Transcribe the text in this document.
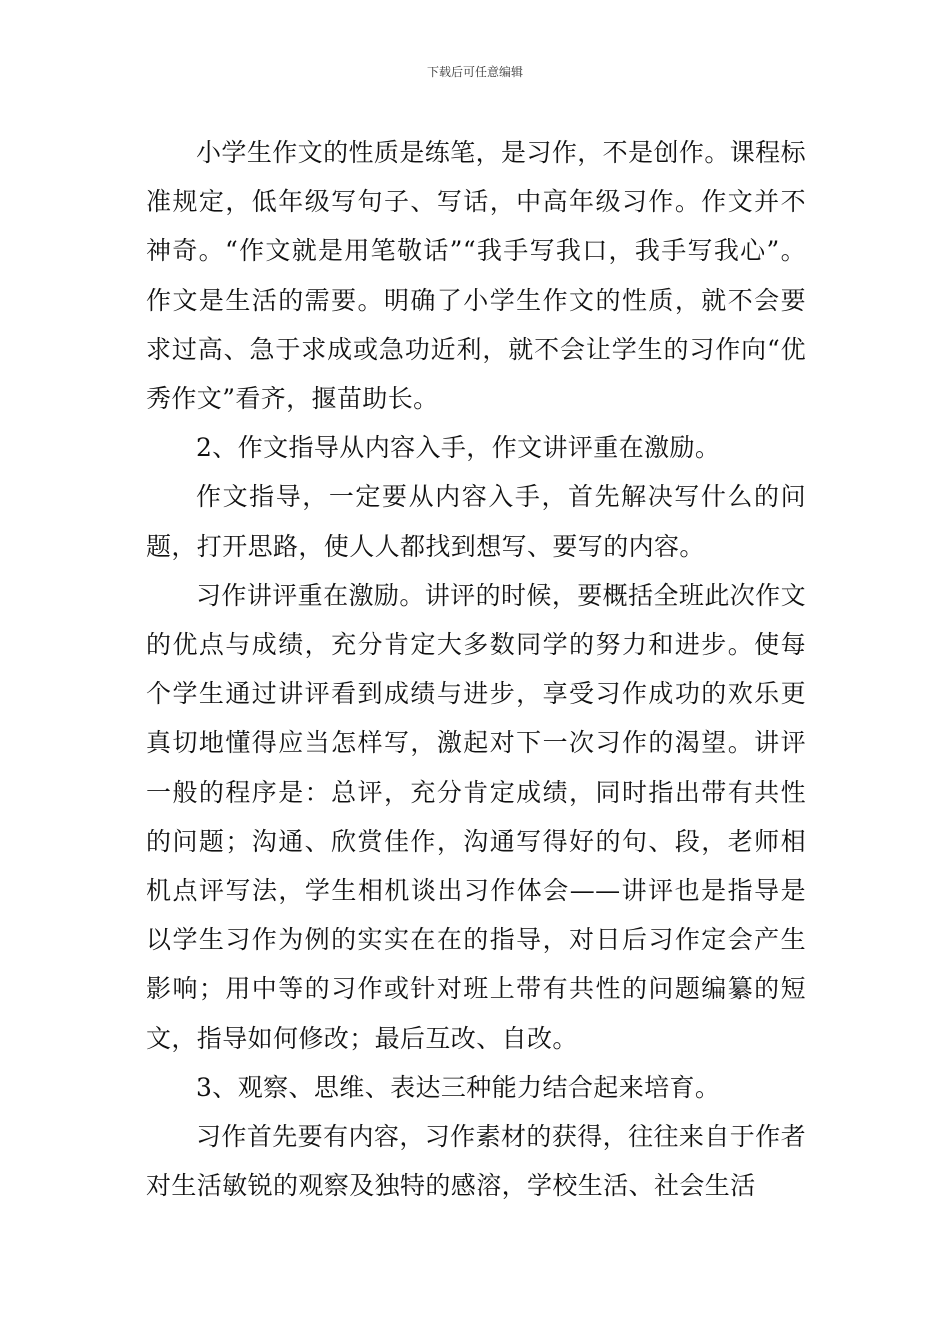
下载后可任意编辑

小学生作文的性质是练笔，是习作，不是创作。课程标准规定，低年级写句子、写话，中高年级习作。作文并不神奇。“作文就是用笔敬话”“我手写我口，我手写我心”。作文是生活的需要。明确了小学生作文的性质，就不会要求过高、急于求成或急功近利，就不会让学生的习作向“优秀作文”看齐，揠苗助长。

2、作文指导从内容入手，作文讲评重在激励。

作文指导，一定要从内容入手，首先解决写什么的问题，打开思路，使人人都找到想写、要写的内容。

习作讲评重在激励。讲评的时候，要概括全班此次作文的优点与成绩，充分肯定大多数同学的努力和进步。使每个学生通过讲评看到成绩与进步，享受习作成功的欢乐更真切地懂得应当怎样写，激起对下一次习作的渴望。讲评一般的程序是：总评，充分肯定成绩，同时指出带有共性的问题；沟通、欣赏佳作，沟通写得好的句、段，老师相机点评写法，学生相机谈出习作体会——讲评也是指导是以学生习作为例的实实在在的指导，对日后习作定会产生影响；用中等的习作或针对班上带有共性的问题编纂的短文，指导如何修改；最后互改、自改。

3、观察、思维、表达三种能力结合起来培育。

习作首先要有内容，习作素材的获得，往往来自于作者对生活敏锐的观察及独特的感溶，学校生活、社会生活
